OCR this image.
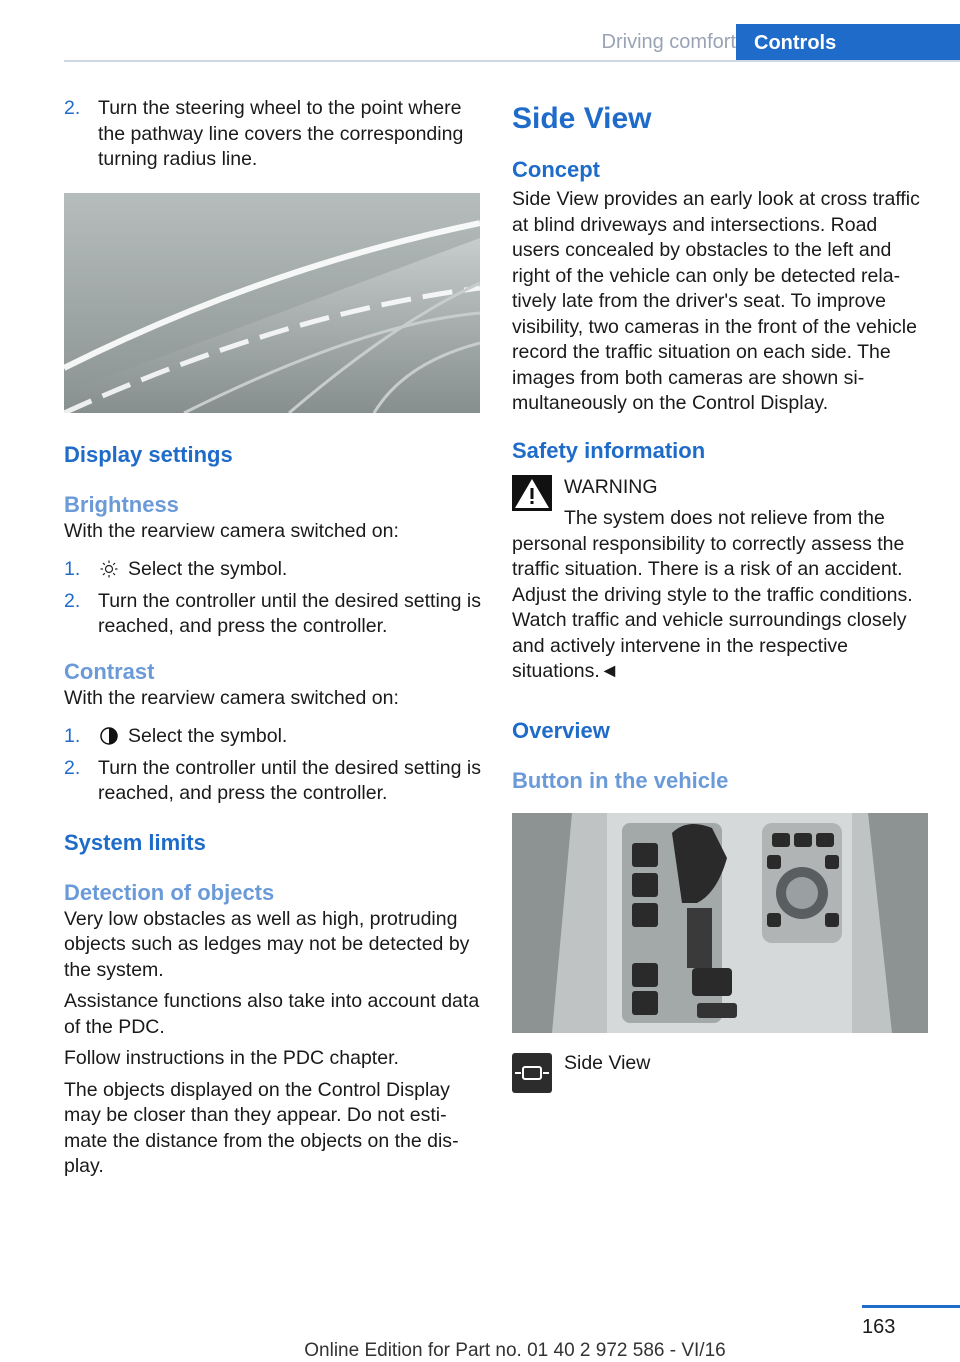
Driving comfort Controls
2. Turn the steering wheel to the point where the pathway line covers the corresponding turning radius line.
Display settings
Brightness

With the rearview camera switched on:

1.	Select the symbol.
2. Turn the controller until the desired setting is reached, and press the controller.
Contrast

With the rearview camera switched on:

1.	Select the symbol.
2. Turn the controller until the desired setting is reached, and press the controller.
System limits
Detection of objects

Very low obstacles as well as high, protruding objects such as ledges may not be detected by the system.

Assistance functions also take into account data of the PDC.

Follow instructions in the PDC chapter.

The objects displayed on the Control Display may be closer than they appear. Do not estimate the distance from the objects on the display.

Side View
Concept

Side View provides an early look at cross traffic at blind driveways and intersections. Road users concealed by obstacles to the left and right of the vehicle can only be detected relatively late from the driver's seat. To improve visibility, two cameras in the front of the vehicle record the traffic situation on each side. The images from both cameras are shown simultaneously on the Control Display.

Safety information

WARNING

The system does not relieve from the

personal responsibility to correctly assess the traffic situation. There is a risk of an accident. Adjust the driving style to the traffic conditions. Watch traffic and vehicle surroundings closely and actively intervene in the respective situations.◄

Overview
Button in the vehicle

Side View

163
Online Edition for Part no. 01 40 2 972 586 - VI/16
